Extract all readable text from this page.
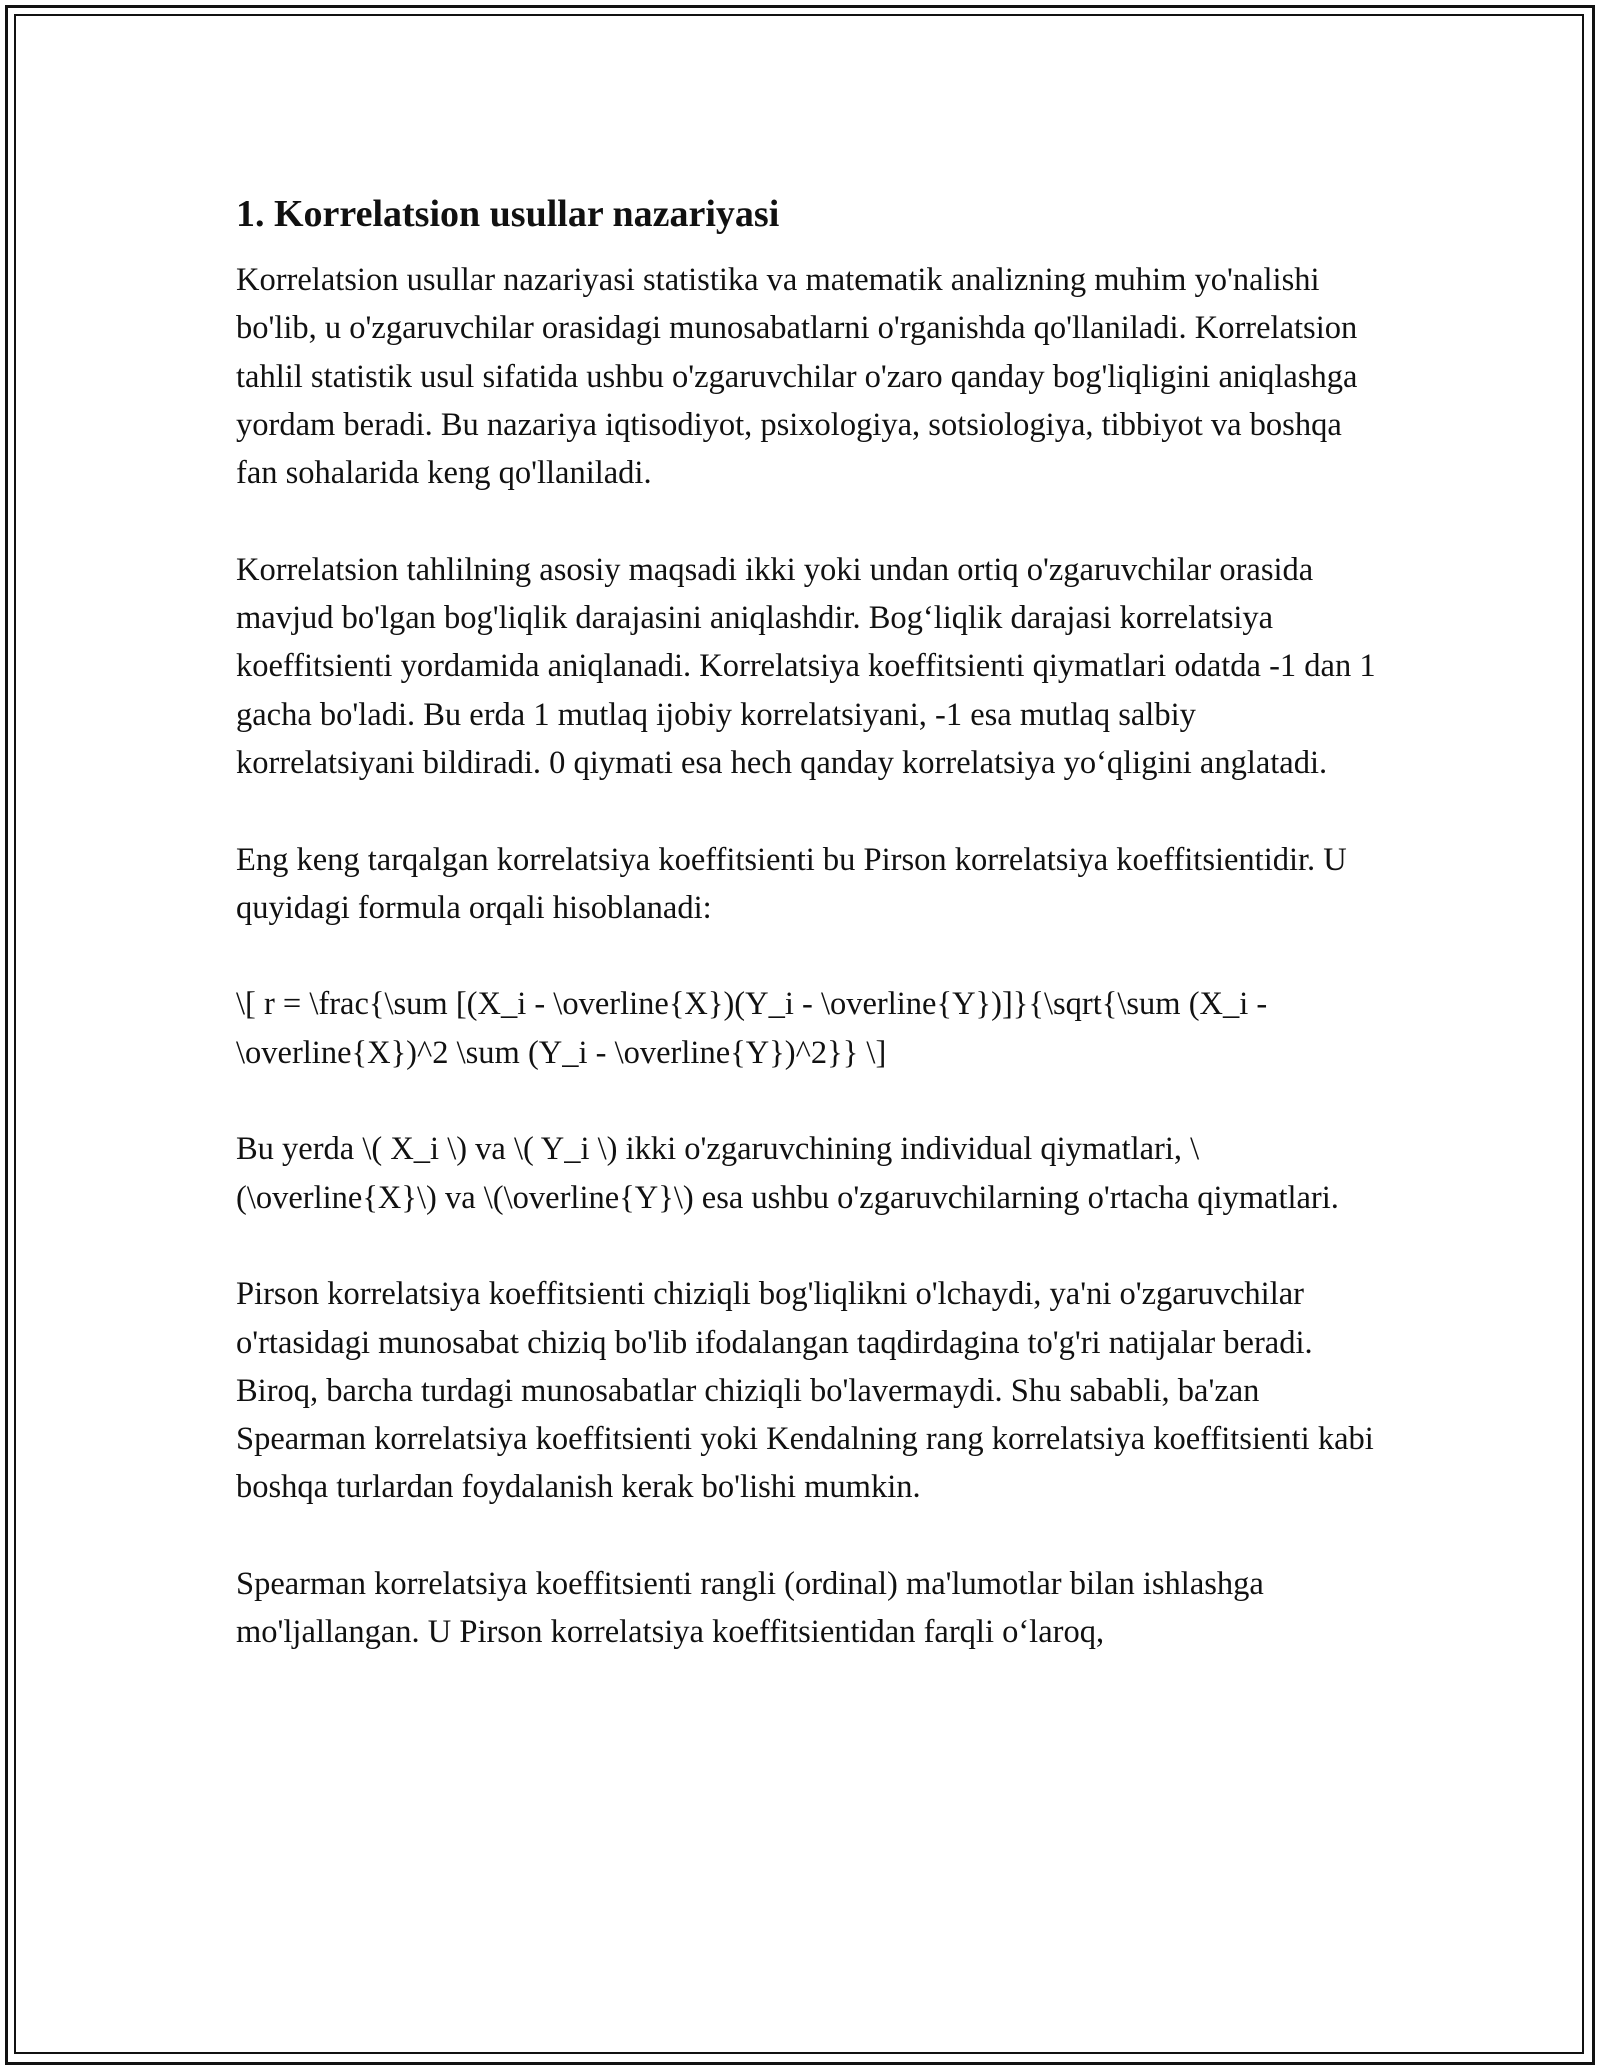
1. Korrelatsion usullar nazariyasi

Korrelatsion usullar nazariyasi statistika va matematik analizning muhim yo'nalishi bo'lib, u o'zgaruvchilar orasidagi munosabatlarni o'rganishda qo'llaniladi. Korrelatsion tahlil statistik usul sifatida ushbu o'zgaruvchilar o'zaro qanday bog'liqligini aniqlashga yordam beradi. Bu nazariya iqtisodiyot, psixologiya, sotsiologiya, tibbiyot va boshqa fan sohalarida keng qo'llaniladi.

Korrelatsion tahlilning asosiy maqsadi ikki yoki undan ortiq o'zgaruvchilar orasida mavjud bo'lgan bog'liqlik darajasini aniqlashdir. Bog‘liqlik darajasi korrelatsiya koeffitsienti yordamida aniqlanadi. Korrelatsiya koeffitsienti qiymatlari odatda -1 dan 1 gacha bo'ladi. Bu erda 1 mutlaq ijobiy korrelatsiyani, -1 esa mutlaq salbiy korrelatsiyani bildiradi. 0 qiymati esa hech qanday korrelatsiya yo‘qligini anglatadi.

Eng keng tarqalgan korrelatsiya koeffitsienti bu Pirson korrelatsiya koeffitsientidir. U quyidagi formula orqali hisoblanadi:

\[ r = \frac{\sum [(X_i - \overline{X})(Y_i - \overline{Y})]}{\sqrt{\sum (X_i - \overline{X})^2 \sum (Y_i - \overline{Y})^2}} \]

Bu yerda \( X_i \) va \( Y_i \) ikki o'zgaruvchining individual qiymatlari, \(\overline{X}\) va \(\overline{Y}\) esa ushbu o'zgaruvchilarning o'rtacha qiymatlari.

Pirson korrelatsiya koeffitsienti chiziqli bog'liqlikni o'lchaydi, ya'ni o'zgaruvchilar o'rtasidagi munosabat chiziq bo'lib ifodalangan taqdirdagina to'g'ri natijalar beradi. Biroq, barcha turdagi munosabatlar chiziqli bo'lavermaydi. Shu sababli, ba'zan Spearman korrelatsiya koeffitsienti yoki Kendalning rang korrelatsiya koeffitsienti kabi boshqa turlardan foydalanish kerak bo'lishi mumkin.

Spearman korrelatsiya koeffitsienti rangli (ordinal) ma'lumotlar bilan ishlashga mo'ljallangan. U Pirson korrelatsiya koeffitsientidan farqli o‘laroq,
